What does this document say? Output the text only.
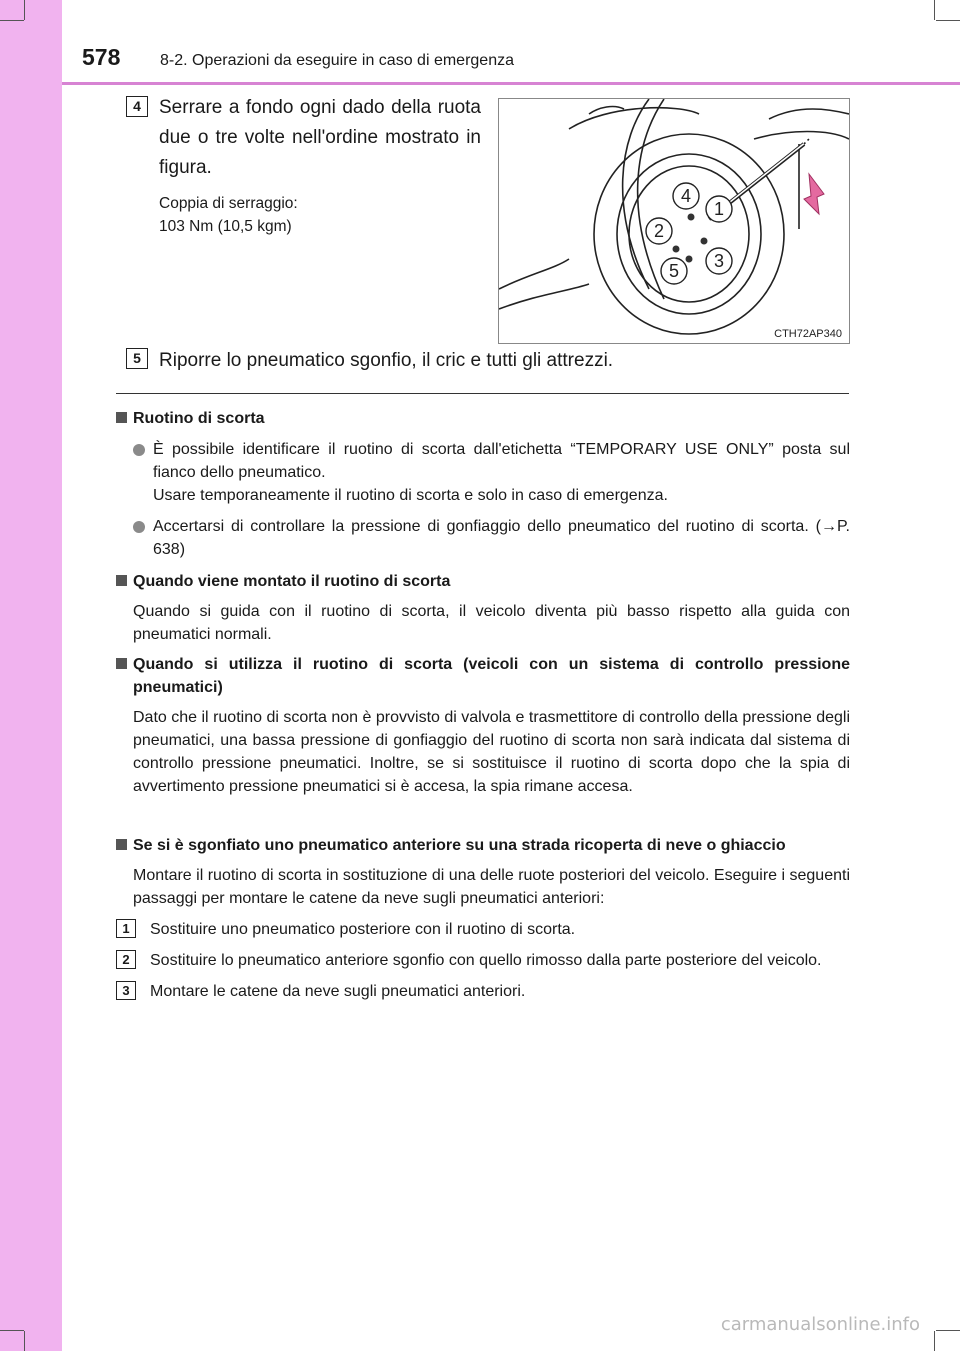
578 8-2. Operazioni da eseguire in caso di emergenza
4 Serrare a fondo ogni dado della ruota due o tre volte nell'ordine mostrato in figura.
Coppia di serraggio:
103 Nm (10,5 kgm)
1
2
3
4
5
CTH72AP340
5 Riporre lo pneumatico sgonfio, il cric e tutti gli attrezzi.
Ruotino di scorta
È possibile identificare il ruotino di scorta dall'etichetta “TEMPORARY USE ONLY” posta sul fianco dello pneumatico.
Usare temporaneamente il ruotino di scorta e solo in caso di emergenza.
Accertarsi di controllare la pressione di gonfiaggio dello pneumatico del ruotino di scorta. (→P. 638)
Quando viene montato il ruotino di scorta
Quando si guida con il ruotino di scorta, il veicolo diventa più basso rispetto alla guida con pneumatici normali.
Quando si utilizza il ruotino di scorta (veicoli con un sistema di controllo pressione pneumatici)
Dato che il ruotino di scorta non è provvisto di valvola e trasmettitore di controllo della pressione degli pneumatici, una bassa pressione di gonfiaggio del ruotino di scorta non sarà indicata dal sistema di controllo pressione pneumatici. Inoltre, se si sostituisce il ruotino di scorta dopo che la spia di avvertimento pressione pneumatici si è accesa, la spia rimane accesa.
Se si è sgonfiato uno pneumatico anteriore su una strada ricoperta di neve o ghiaccio
Montare il ruotino di scorta in sostituzione di una delle ruote posteriori del veicolo. Eseguire i seguenti passaggi per montare le catene da neve sugli pneumatici anteriori:
1	Sostituire uno pneumatico posteriore con il ruotino di scorta.
2	Sostituire lo pneumatico anteriore sgonfio con quello rimosso dalla parte posteriore del veicolo.
3	Montare le catene da neve sugli pneumatici anteriori.
carmanualsonline.info
